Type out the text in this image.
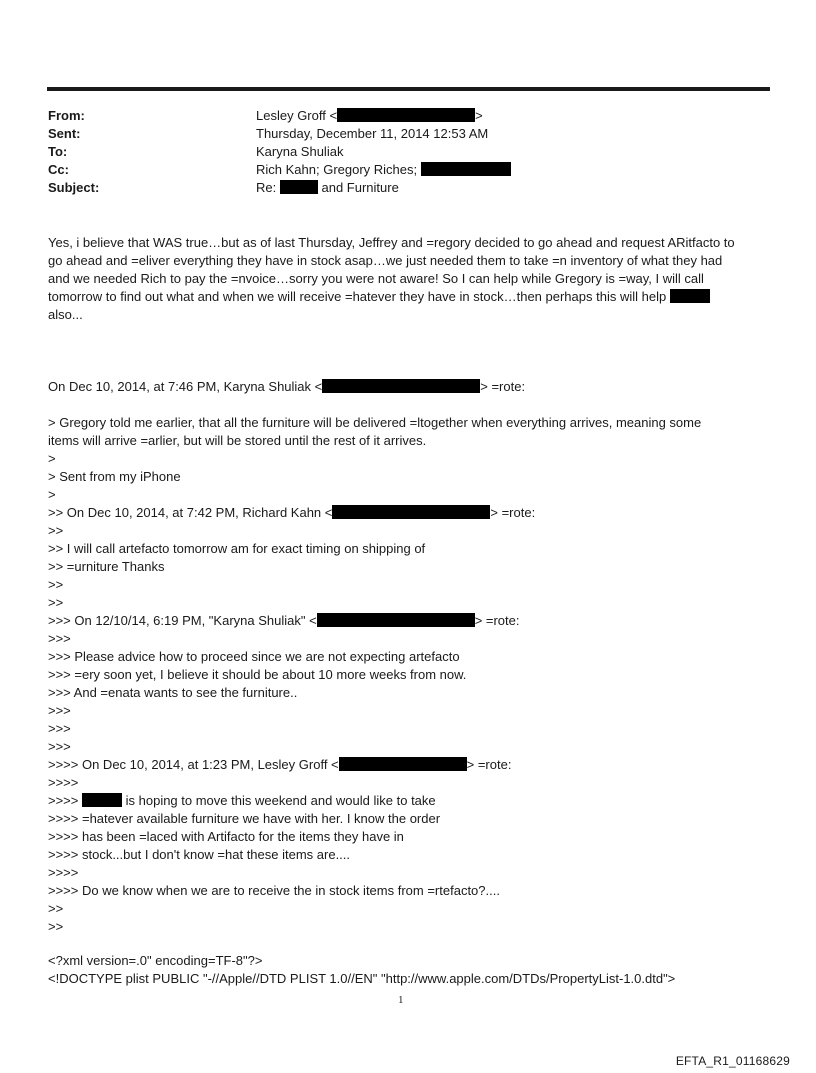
From:	Lesley Groff <	>
Sent:	Thursday, December 11, 2014 12:53 AM
To:	Karyna Shuliak
Cc:	Rich Kahn; Gregory Riches;
Subject:	Re:	and Furniture
Yes, i believe that WAS true…but as of last Thursday, Jeffrey and =regory decided to go ahead and request ARitfacto to
go ahead and =eliver everything they have in stock asap…we just needed them to take =n inventory of what they had
and we needed Rich to pay the =nvoice…sorry you were not aware! So I can help while Gregory is =way, I will call
tomorrow to find out what and when we will receive =hatever they have in stock…then perhaps this will help
also...
On Dec 10, 2014, at 7:46 PM, Karyna Shuliak <	> =rote:
> Gregory told me earlier, that all the furniture will be delivered =ltogether when everything arrives, meaning some
items will arrive =arlier, but will be stored until the rest of it arrives.
>
> Sent from my iPhone
>
>> On Dec 10, 2014, at 7:42 PM, Richard Kahn <	> =rote:
>>
>> I will call artefacto tomorrow am for exact timing on shipping of
>> =urniture Thanks
>>
>>
>>> On 12/10/14, 6:19 PM, "Karyna Shuliak" <	> =rote:
>>>
>>> Please advice how to proceed since we are not expecting artefacto
>>> =ery soon yet, I believe it should be about 10 more weeks from now.
>>> And =enata wants to see the furniture..
>>>
>>>
>>>
>>>> On Dec 10, 2014, at 1:23 PM, Lesley Groff <	> =rote:
>>>>
>>>>	is hoping to move this weekend and would like to take
>>>> =hatever available furniture we have with her. I know the order
>>>> has been =laced with Artifacto for the items they have in
>>>> stock...but I don't know =hat these items are....
>>>>
>>>> Do we know when we are to receive the in stock items from =rtefacto?....
>>
>>
<?xml version=.0" encoding=TF-8"?>
<!DOCTYPE plist PUBLIC "-//Apple//DTD PLIST 1.0//EN" "http://www.apple.com/DTDs/PropertyList-1.0.dtd">
1
EFTA_R1_01168629
